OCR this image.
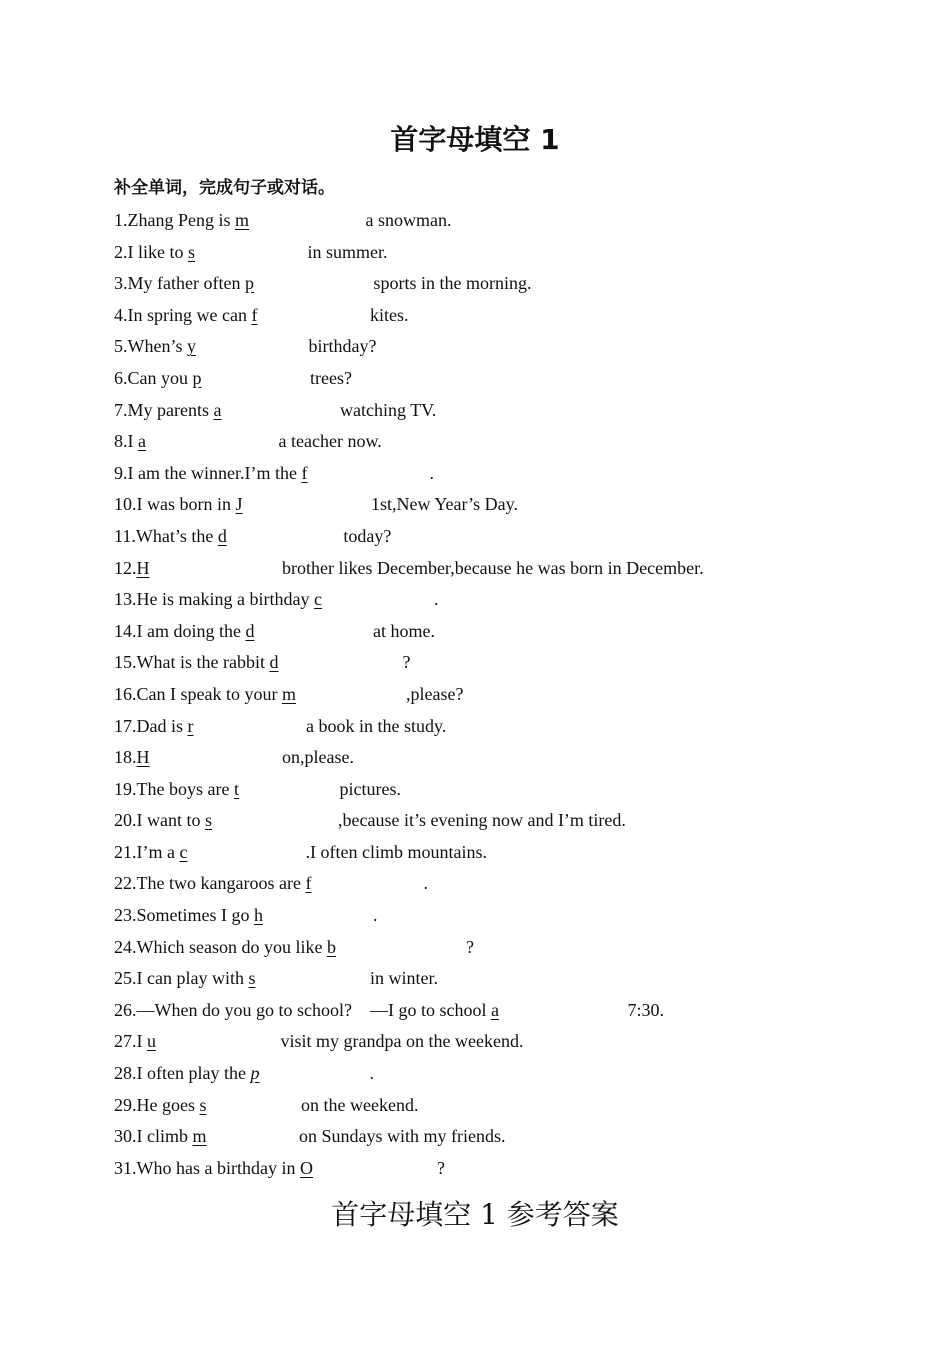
首字母填空 1
补全单词，完成句子或对话。
1.Zhang Peng is m	a snowman.
2.I like to s	in summer.
3.My father often p	sports in the morning.
4.In spring we can f	kites.
5.When’s y	birthday?
6.Can you p	trees?
7.My parents a	watching TV.
8.I a	a teacher now.
9.I am the winner.I’m the f	.
10.I was born in J	1st,New Year’s Day.
11.What’s the d	today?
12.H	brother likes December,because he was born in December.
13.He is making a birthday c	.
14.I am doing the d	at home.
15.What is the rabbit d	?
16.Can I speak to your m	,please?
17.Dad is r	a book in the study.
18.H	on,please.
19.The boys are t	pictures.
20.I want to s	,because it’s evening now and I’m tired.
21.I’m a c	.I often climb mountains.
22.The two kangaroos are f	.
23.Sometimes I go h	.
24.Which season do you like b	?
25.I can play with s	in winter.
26.—When do you go to school?    —I go to school a	7:30.
27.I u	visit my grandpa on the weekend.
28.I often play the p	.
29.He goes s	on the weekend.
30.I climb m	on Sundays with my friends.
31.Who has a birthday in O	?
首字母填空 1 参考答案
